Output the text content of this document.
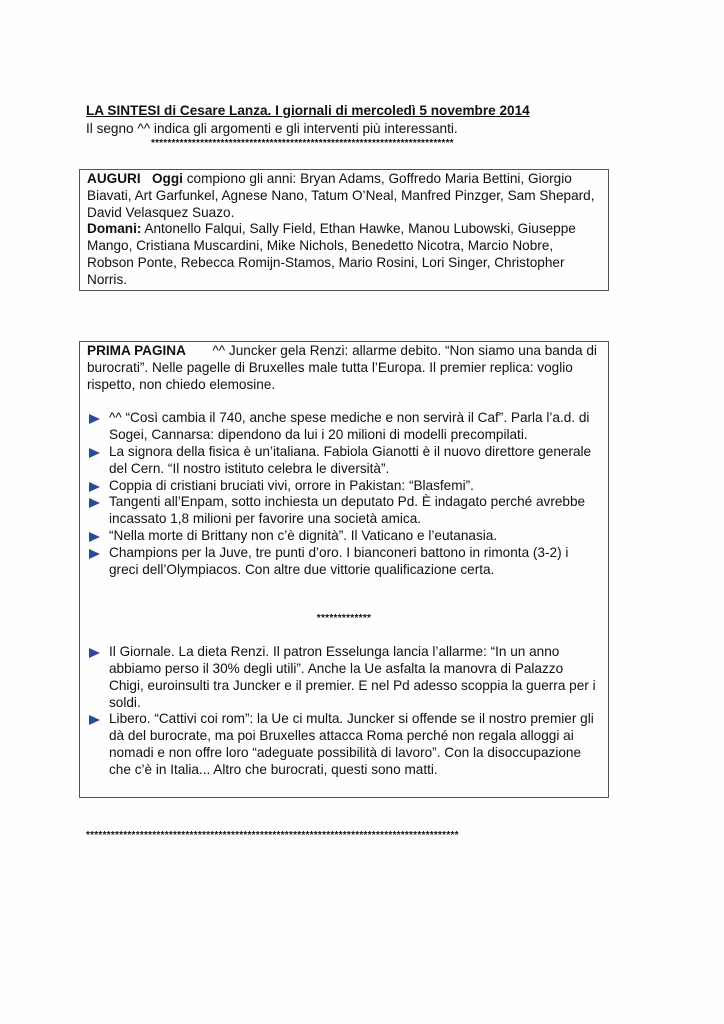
LA SINTESI di Cesare Lanza. I giornali di mercoledì 5 novembre 2014
Il segno ^^ indica gli argomenti e gli interventi più interessanti.
**************************************************************************

AUGURI Oggi compiono gli anni: Bryan Adams, Goffredo Maria Bettini, Giorgio Biavati, Art Garfunkel, Agnese Nano, Tatum O’Neal, Manfred Pinzger, Sam Shepard, David Velasquez Suazo.

Domani: Antonello Falqui, Sally Field, Ethan Hawke, Manou Lubowski, Giuseppe Mango, Cristiana Muscardini, Mike Nichols, Benedetto Nicotra, Marcio Nobre, Robson Ponte, Rebecca Romijn-Stamos, Mario Rosini, Lori Singer, Christopher Norris.

PRIMA PAGINA ^^ Juncker gela Renzi: allarme debito. “Non siamo una banda di burocrati”. Nelle pagelle di Bruxelles male tutta l’Europa. Il premier replica: voglio rispetto, non chiedo elemosine.

^^ “Così cambia il 740, anche spese mediche e non servirà il Caf”. Parla l’a.d. di Sogei, Cannarsa: dipendono da lui i 20 milioni di modelli precompilati.
La signora della fisica è un’italiana. Fabiola Gianotti è il nuovo direttore generale del Cern. “Il nostro istituto celebra le diversità”.
Coppia di cristiani bruciati vivi, orrore in Pakistan: “Blasfemi”.
Tangenti all’Enpam, sotto inchiesta un deputato Pd. È indagato perché avrebbe incassato 1,8 milioni per favorire una società amica.
“Nella morte di Brittany non c’è dignità”. Il Vaticano e l’eutanasia.
Champions per la Juve, tre punti d’oro. I bianconeri battono in rimonta (3-2) i greci dell’Olympiacos. Con altre due vittorie qualificazione certa.
*************
Il Giornale. La dieta Renzi. Il patron Esselunga lancia l’allarme: “In un anno abbiamo perso il 30% degli utili”. Anche la Ue asfalta la manovra di Palazzo Chigi, euroinsulti tra Juncker e il premier. E nel Pd adesso scoppia la guerra per i soldi.
Libero. “Cattivi coi rom”: la Ue ci multa. Juncker si offende se il nostro premier gli dà del burocrate, ma poi Bruxelles attacca Roma perché non regala alloggi ai nomadi e non offre loro “adeguate possibilità di lavoro”. Con la disoccupazione che c’è in Italia... Altro che burocrati, questi sono matti.
******************************************************************************************
